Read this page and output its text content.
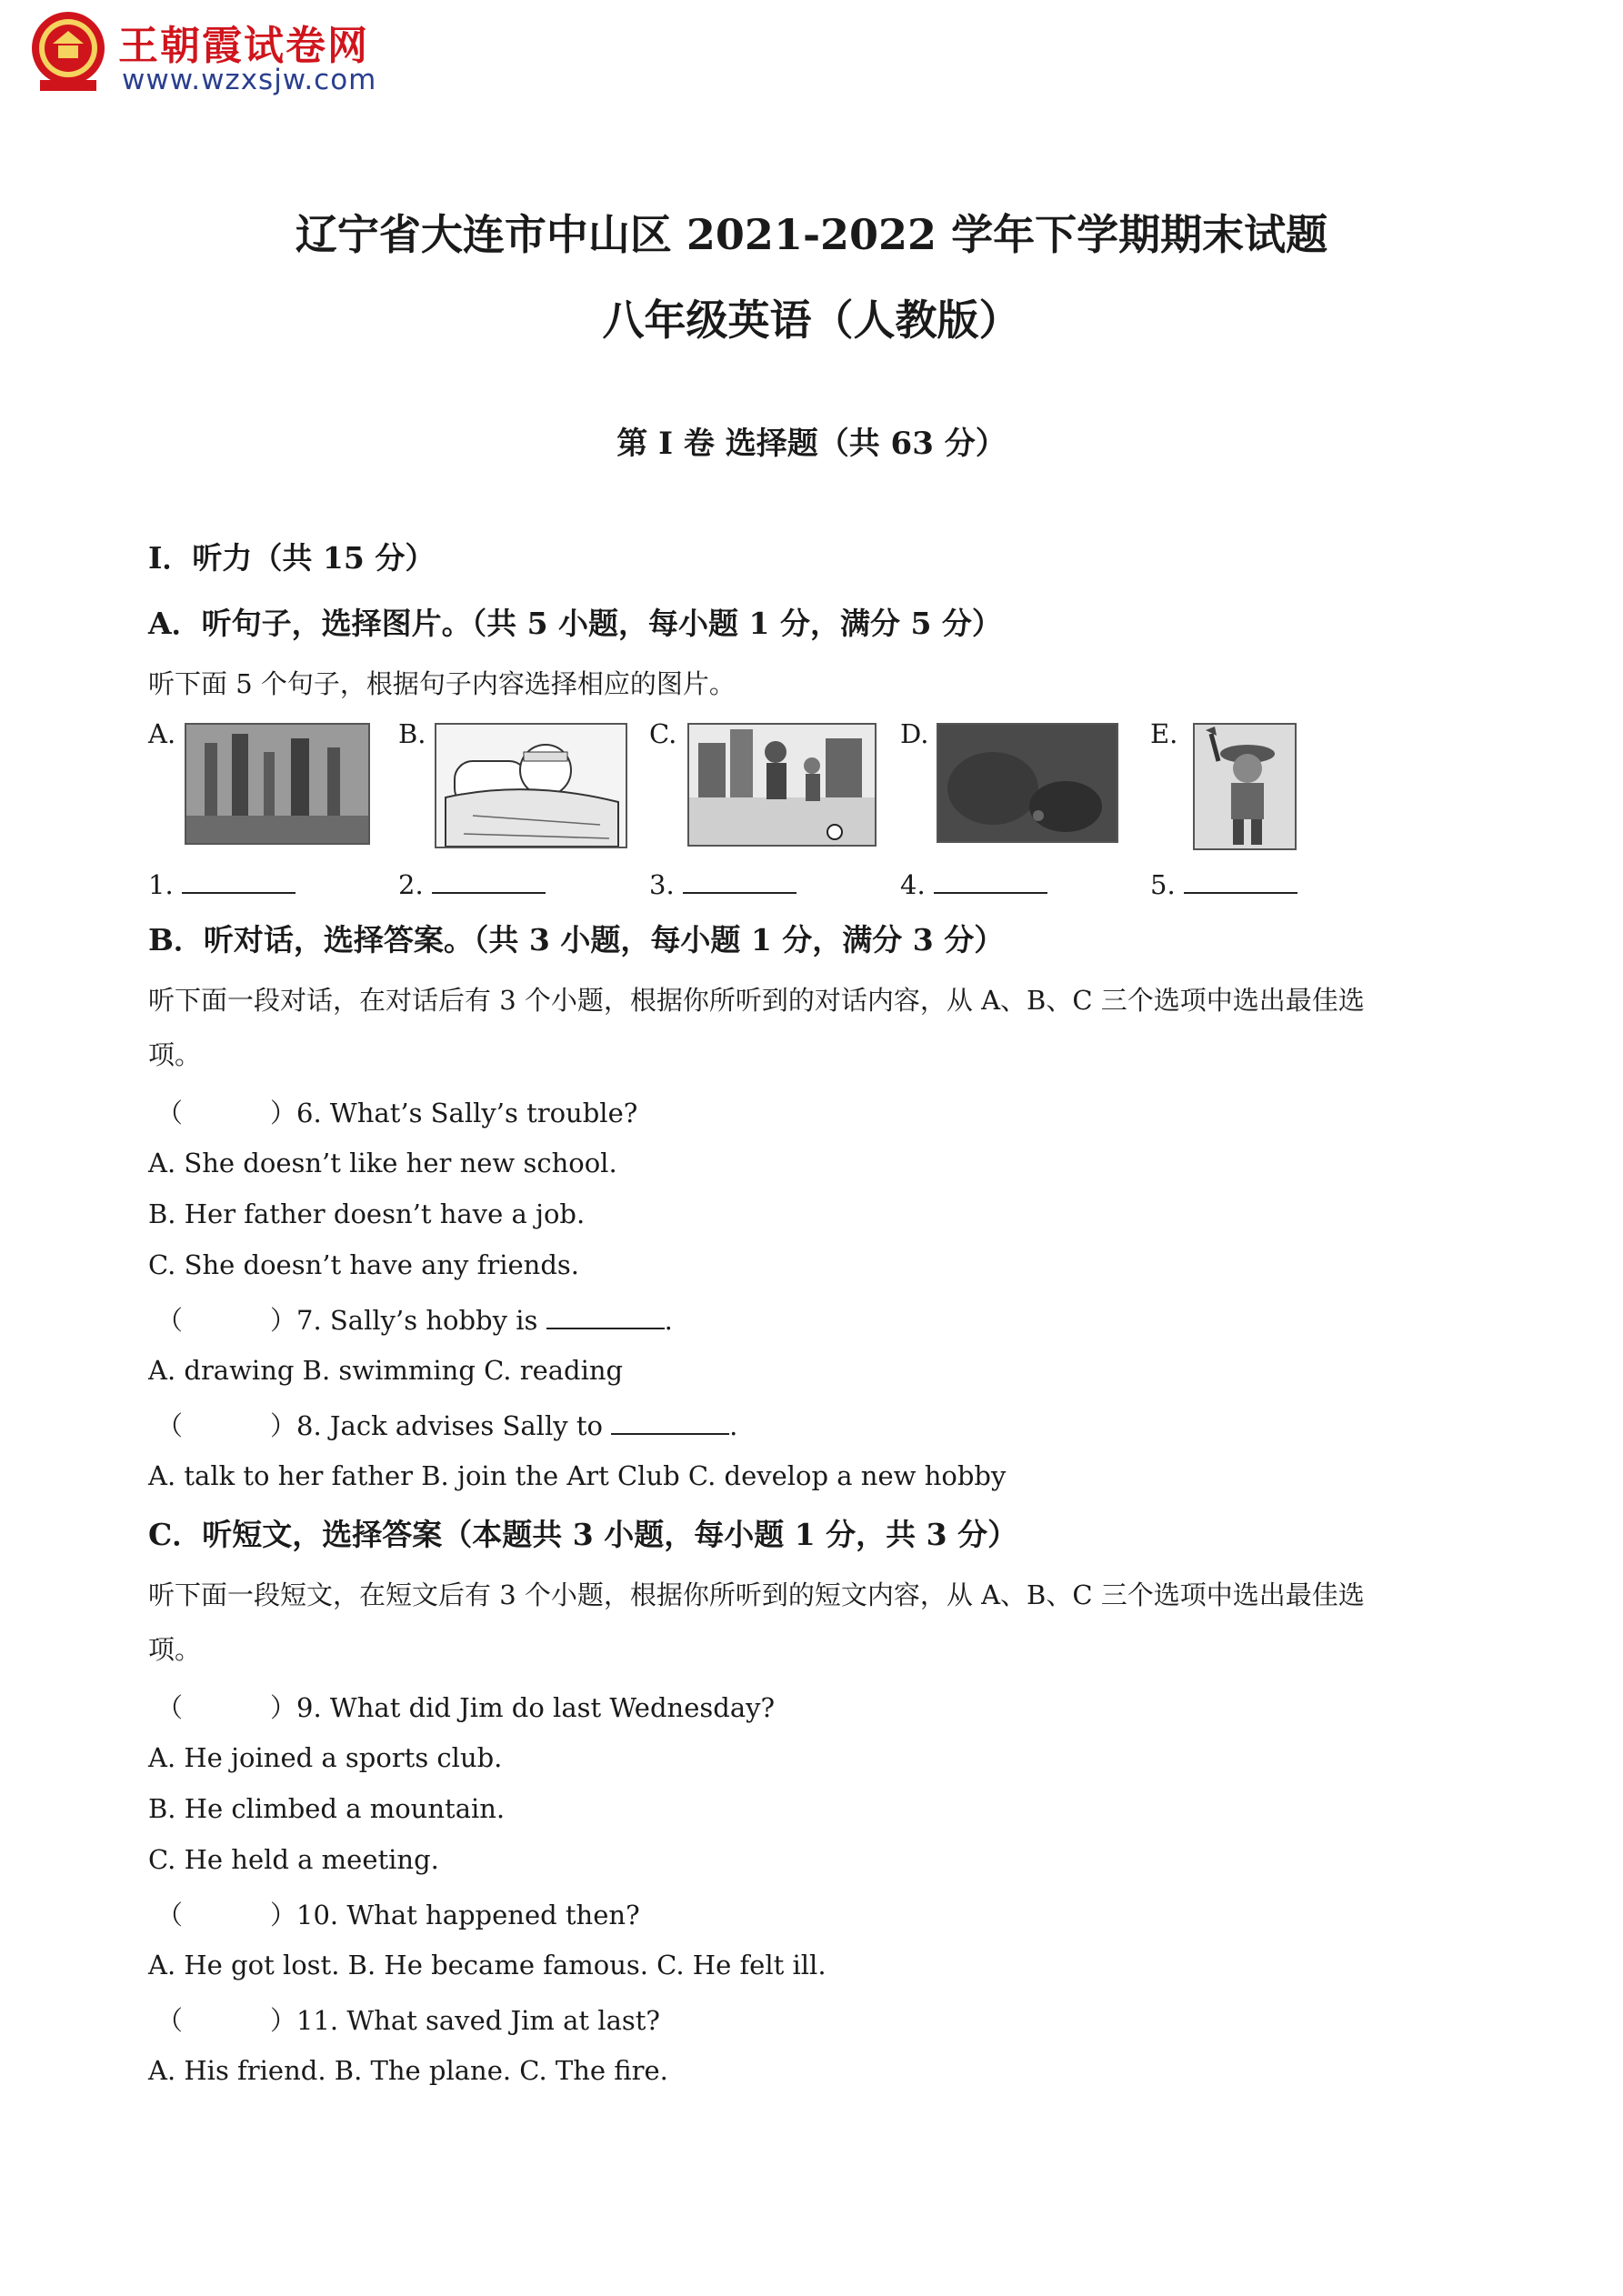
王朝霞试卷网
www.wzxsjw.com
辽宁省大连市中山区 2021-2022 学年下学期期末试题
八年级英语（人教版）
第 I 卷 选择题（共 63 分）
I．听力（共 15 分）
A．听句子，选择图片。（共 5 小题，每小题 1 分，满分 5 分）
听下面 5 个句子，根据句子内容选择相应的图片。
A.	B.	C.	D.	E.
1.	2.	3.	4.	5.
B．听对话，选择答案。（共 3 小题，每小题 1 分，满分 3 分）
听下面一段对话，在对话后有 3 个小题，根据你所听到的对话内容，从 A、B、C 三个选项中选出最佳选
项。
（	）6. What’s Sally’s trouble?
A. She doesn’t like her new school.
B. Her father doesn’t have a job.
C. She doesn’t have any friends.
（	）7. Sally’s hobby is	.
A. drawing B. swimming C. reading
（	）8. Jack advises Sally to	.
A. talk to her father B. join the Art Club C. develop a new hobby
C．听短文，选择答案（本题共 3 小题，每小题 1 分，共 3 分）
听下面一段短文，在短文后有 3 个小题，根据你所听到的短文内容，从 A、B、C 三个选项中选出最佳选
项。
（	）9. What did Jim do last Wednesday?
A. He joined a sports club.
B. He climbed a mountain.
C. He held a meeting.
（	）10. What happened then?
A. He got lost. B. He became famous. C. He felt ill.
（	）11. What saved Jim at last?
A. His friend. B. The plane. C. The fire.
